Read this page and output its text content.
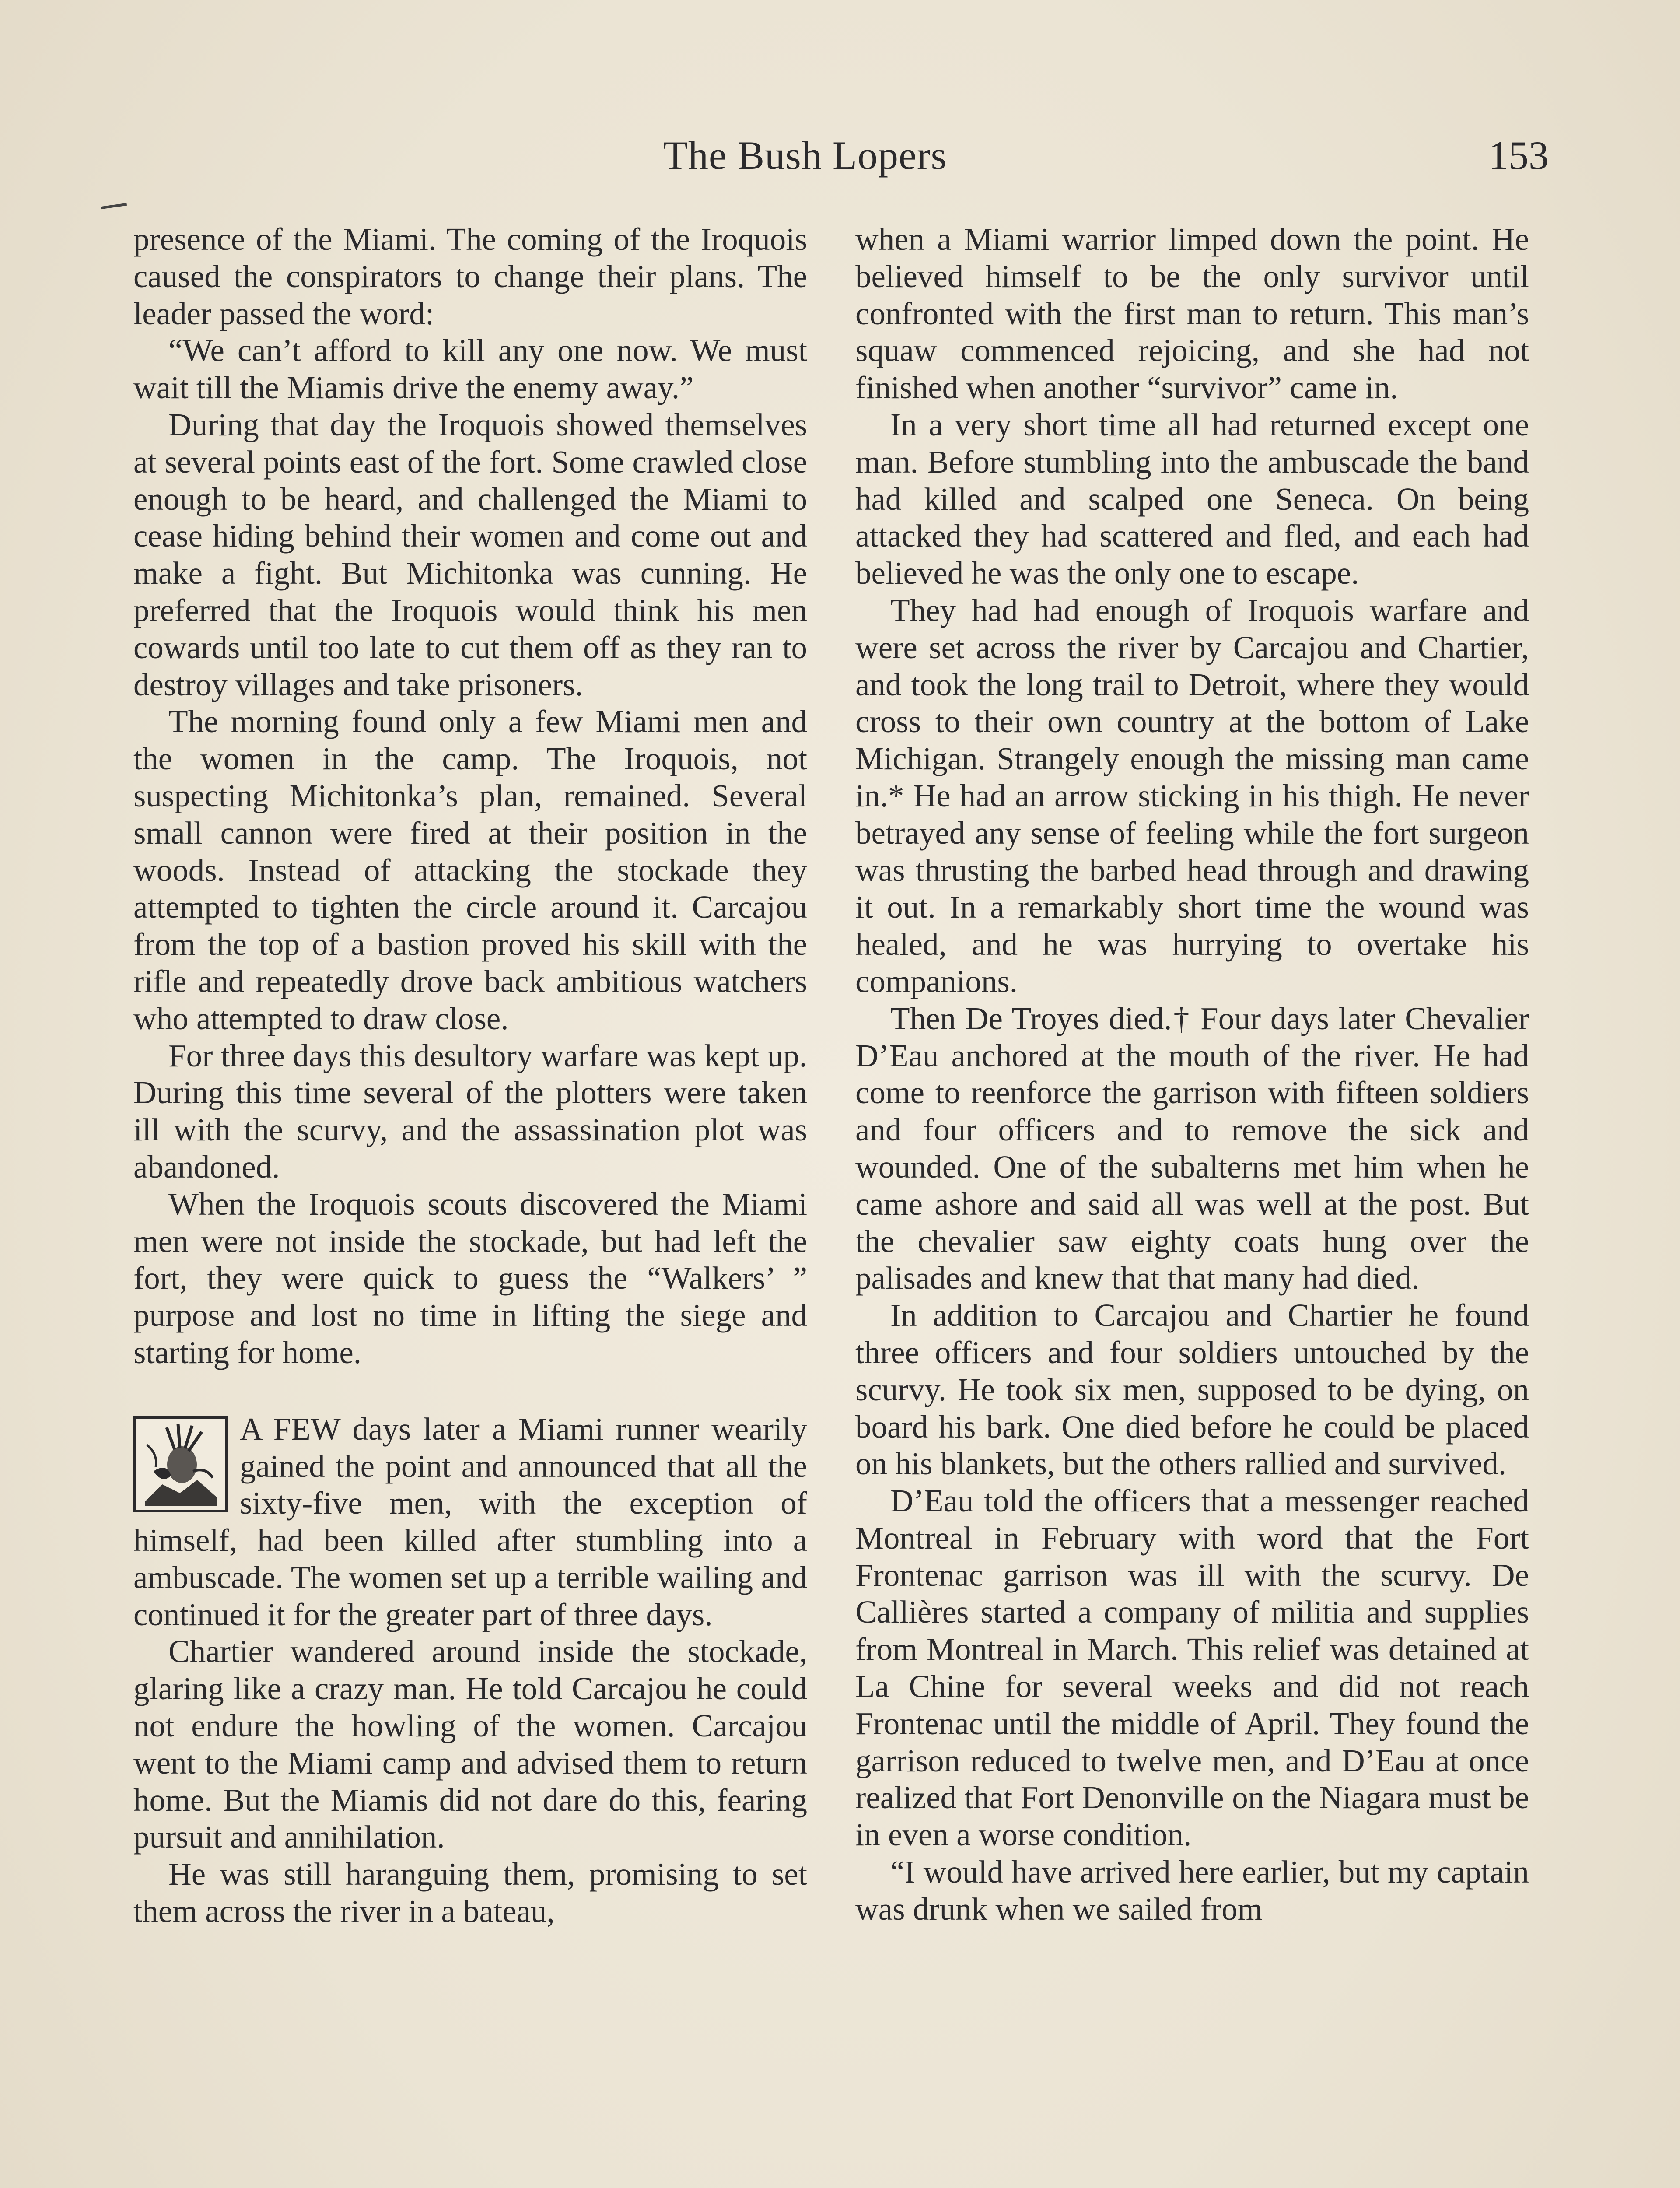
The Bush Lopers	153

presence of the Miami. The coming of the Iroquois caused the conspirators to change their plans. The leader passed the word:

“We can’t afford to kill any one now. We must wait till the Miamis drive the enemy away.”

During that day the Iroquois showed themselves at several points east of the fort. Some crawled close enough to be heard, and challenged the Miami to cease hiding behind their women and come out and make a fight. But Michitonka was cunning. He preferred that the Iroquois would think his men cowards until too late to cut them off as they ran to destroy villages and take prisoners.

The morning found only a few Miami men and the women in the camp. The Iroquois, not suspecting Michitonka’s plan, remained. Several small cannon were fired at their position in the woods. Instead of attacking the stockade they attempted to tighten the circle around it. Carcajou from the top of a bastion proved his skill with the rifle and repeatedly drove back ambitious watchers who attempted to draw close.

For three days this desultory warfare was kept up. During this time several of the plotters were taken ill with the scurvy, and the assassination plot was abandoned.

When the Iroquois scouts discovered the Miami men were not inside the stockade, but had left the fort, they were quick to guess the “Walkers’ ” purpose and lost no time in lifting the siege and starting for home.

A FEW days later a Miami runner wearily gained the point and announced that all the sixty-five men, with the exception of himself, had been killed after stumbling into a ambuscade. The women set up a terrible wailing and continued it for the greater part of three days.

Chartier wandered around inside the stockade, glaring like a crazy man. He told Carcajou he could not endure the howling of the women. Carcajou went to the Miami camp and advised them to return home. But the Miamis did not dare do this, fearing pursuit and annihilation.

He was still haranguing them, promising to set them across the river in a bateau,

when a Miami warrior limped down the point. He believed himself to be the only survivor until confronted with the first man to return. This man’s squaw commenced rejoicing, and she had not finished when another “survivor” came in.

In a very short time all had returned except one man. Before stumbling into the ambuscade the band had killed and scalped one Seneca. On being attacked they had scattered and fled, and each had believed he was the only one to escape.

They had had enough of Iroquois warfare and were set across the river by Carcajou and Chartier, and took the long trail to Detroit, where they would cross to their own country at the bottom of Lake Michigan. Strangely enough the missing man came in.* He had an arrow sticking in his thigh. He never betrayed any sense of feeling while the fort surgeon was thrusting the barbed head through and drawing it out. In a remarkably short time the wound was healed, and he was hurrying to overtake his companions.

Then De Troyes died.† Four days later Chevalier D’Eau anchored at the mouth of the river. He had come to reenforce the garrison with fifteen soldiers and four officers and to remove the sick and wounded. One of the subalterns met him when he came ashore and said all was well at the post. But the chevalier saw eighty coats hung over the palisades and knew that that many had died.

In addition to Carcajou and Chartier he found three officers and four soldiers untouched by the scurvy. He took six men, supposed to be dying, on board his bark. One died before he could be placed on his blankets, but the others rallied and survived.

D’Eau told the officers that a messenger reached Montreal in February with word that the Fort Frontenac garrison was ill with the scurvy. De Callières started a company of militia and supplies from Montreal in March. This relief was detained at La Chine for several weeks and did not reach Frontenac until the middle of April. They found the garrison reduced to twelve men, and D’Eau at once realized that Fort Denonville on the Niagara must be in even a worse condition.

“I would have arrived here earlier, but my captain was drunk when we sailed from
